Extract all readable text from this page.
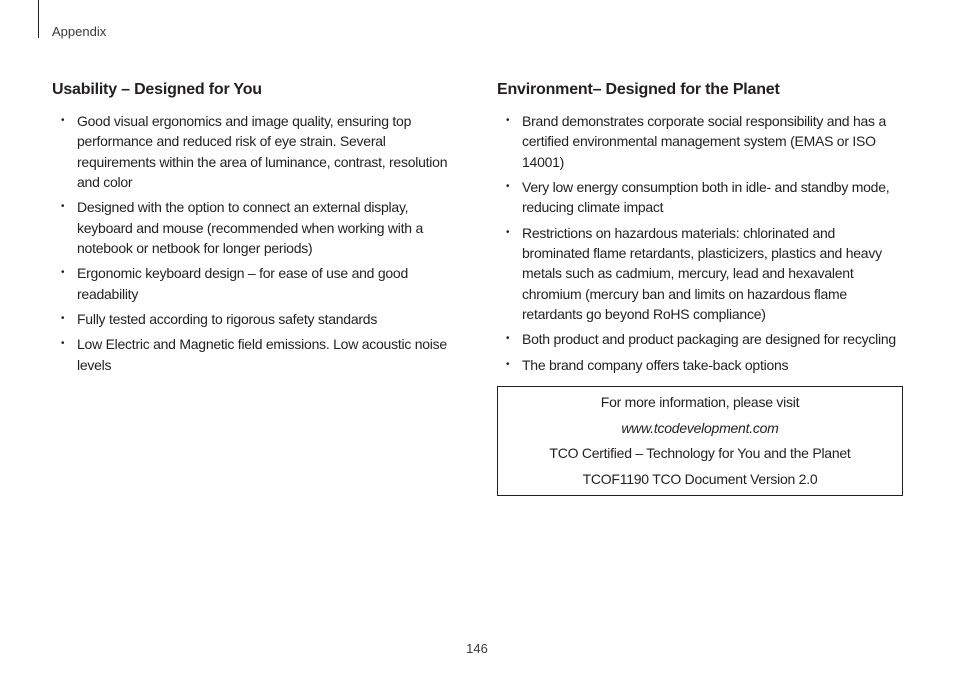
Appendix
Usability – Designed for You
• Good visual ergonomics and image quality, ensuring top performance and reduced risk of eye strain. Several requirements within the area of luminance, contrast, resolution and color
• Designed with the option to connect an external display, keyboard and mouse (recommended when working with a notebook or netbook for longer periods)
• Ergonomic keyboard design – for ease of use and good readability
• Fully tested according to rigorous safety standards
• Low Electric and Magnetic field emissions. Low acoustic noise levels
Environment– Designed for the Planet
• Brand demonstrates corporate social responsibility and has a certified environmental management system (EMAS or ISO 14001)
• Very low energy consumption both in idle- and standby mode, reducing climate impact
• Restrictions on hazardous materials: chlorinated and brominated flame retardants, plasticizers, plastics and heavy metals such as cadmium, mercury, lead and hexavalent chromium (mercury ban and limits on hazardous flame retardants go beyond RoHS compliance)
• Both product and product packaging are designed for recycling
• The brand company offers take-back options
For more information, please visit
www.tcodevelopment.com
TCO Certified – Technology for You and the Planet
TCOF1190 TCO Document Version 2.0
146
